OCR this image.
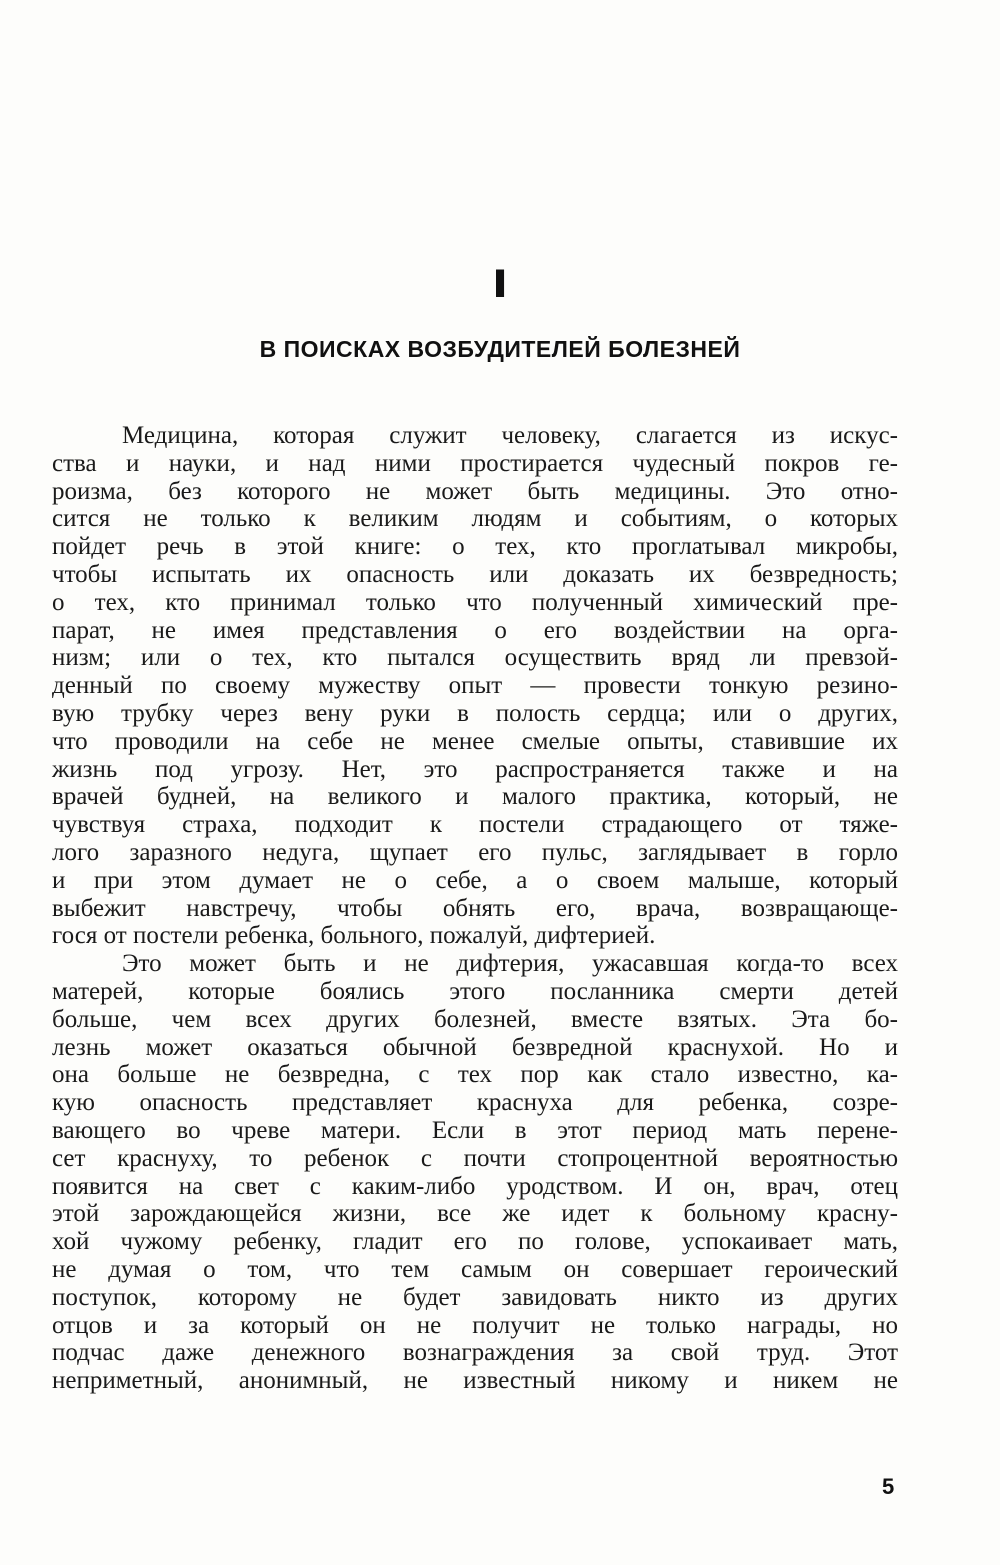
I
В ПОИСКАХ ВОЗБУДИТЕЛЕЙ БОЛЕЗНЕЙ
Медицина, которая служит человеку, слагается из искус-
ства и науки, и над ними простирается чудесный покров ге-
роизма, без которого не может быть медицины. Это отно-
сится не только к великим людям и событиям, о которых
пойдет речь в этой книге: о тех, кто проглатывал микробы,
чтобы испытать их опасность или доказать их безвредность;
о тех, кто принимал только что полученный химический пре-
парат, не имея представления о его воздействии на орга-
низм; или о тех, кто пытался осуществить вряд ли превзой-
денный по своему мужеству опыт — провести тонкую резино-
вую трубку через вену руки в полость сердца; или о других,
что проводили на себе не менее смелые опыты, ставившие их
жизнь под угрозу. Нет, это распространяется также и на
врачей будней, на великого и малого практика, который, не
чувствуя страха, подходит к постели страдающего от тяже-
лого заразного недуга, щупает его пульс, заглядывает в горло
и при этом думает не о себе, а о своем малыше, который
выбежит навстречу, чтобы обнять его, врача, возвращающе-
гося от постели ребенка, больного, пожалуй, дифтерией.
Это может быть и не дифтерия, ужасавшая когда-то всех
матерей, которые боялись этого посланника смерти детей
больше, чем всех других болезней, вместе взятых. Эта бо-
лезнь может оказаться обычной безвредной краснухой. Но и
она больше не безвредна, с тех пор как стало известно, ка-
кую опасность представляет краснуха для ребенка, созре-
вающего во чреве матери. Если в этот период мать перене-
сет краснуху, то ребенок с почти стопроцентной вероятностью
появится на свет с каким-либо уродством. И он, врач, отец
этой зарождающейся жизни, все же идет к больному красну-
хой чужому ребенку, гладит его по голове, успокаивает мать,
не думая о том, что тем самым он совершает героический
поступок, которому не будет завидовать никто из других
отцов и за который он не получит не только награды, но
подчас даже денежного вознаграждения за свой труд. Этот
неприметный, анонимный, не известный никому и никем не
5
